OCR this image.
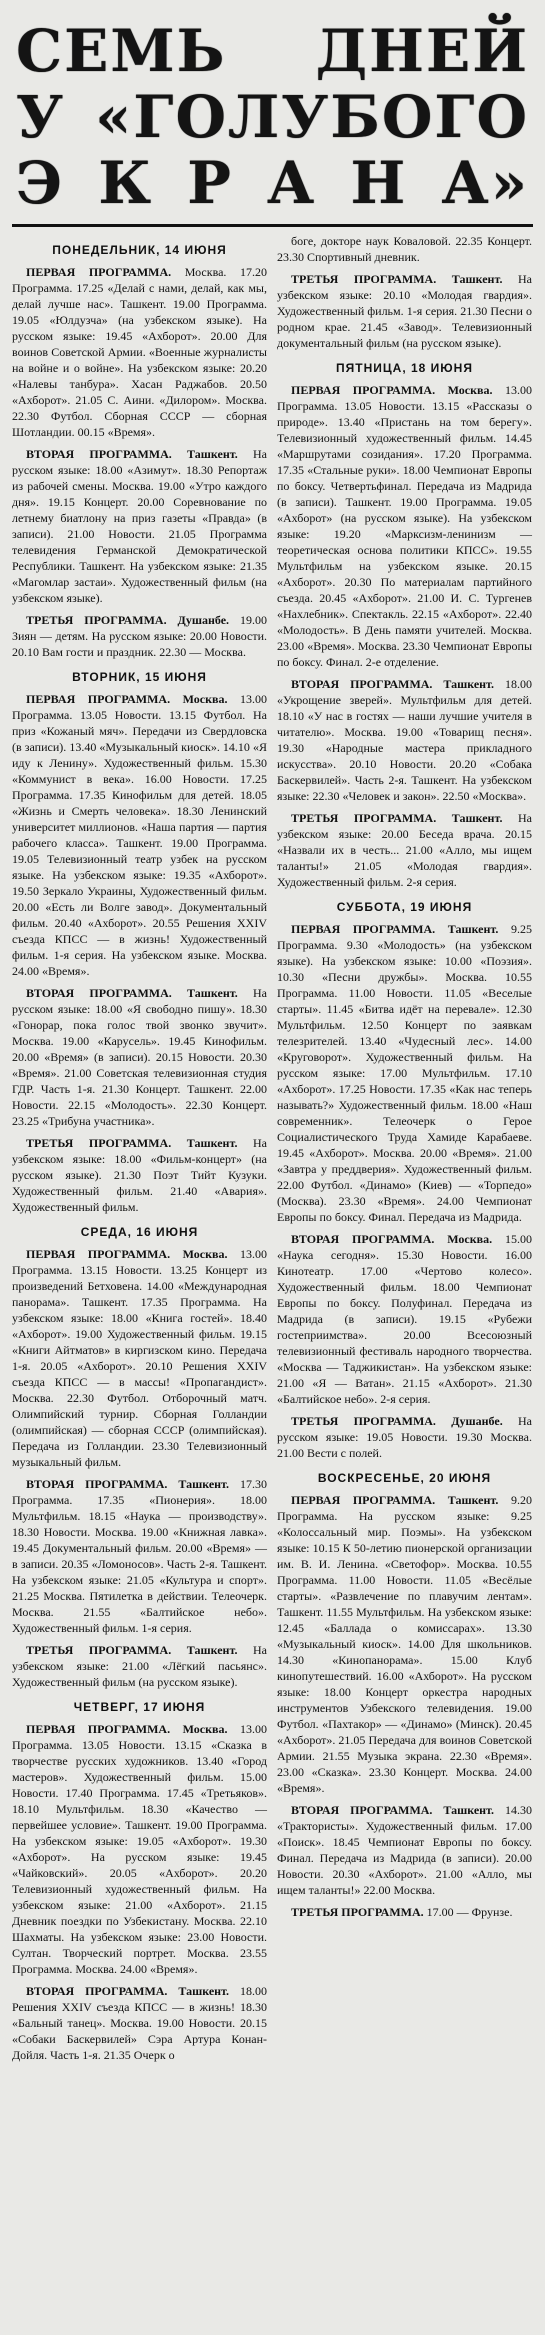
СЕМЬ ДНЕЙ
У «ГОЛУБОГО
Э К Р А Н А»
ПОНЕДЕЛЬНИК, 14 ИЮНЯ

ПЕРВАЯ ПРОГРАММА. Москва. 17.20 Программа. 17.25 «Делай с нами, делай, как мы, делай лучше нас». Ташкент. 19.00 Программа. 19.05 «Юлдузча» (на узбекском языке). На русском языке: 19.45 «Ахборот». 20.00 Для воинов Советской Армии. «Военные журналисты на войне и о войне». На узбекском языке: 20.20 «Налевы танбура». Хасан Раджабов. 20.50 «Ахборот». 21.05 С. Аини. «Дилором». Москва. 22.30 Футбол. Сборная СССР — сборная Шотландии. 00.15 «Время».

ВТОРАЯ ПРОГРАММА. Ташкент. На русском языке: 18.00 «Азимут». 18.30 Репортаж из рабочей смены. Москва. 19.00 «Утро каждого дня». 19.15 Концерт. 20.00 Соревнование по летнему биатлону на приз газеты «Правда» (в записи). 21.00 Новости. 21.05 Программа телевидения Германской Демократической Республики. Ташкент. На узбекском языке: 21.35 «Магомлар застаи». Художественный фильм (на узбекском языке).

ТРЕТЬЯ ПРОГРАММА. Душанбе. 19.00 Зиян — детям. На русском языке: 20.00 Новости. 20.10 Вам гости и праздник. 22.30 — Москва.

ВТОРНИК, 15 ИЮНЯ

ПЕРВАЯ ПРОГРАММА. Москва. 13.00 Программа. 13.05 Новости. 13.15 Футбол. На приз «Кожаный мяч». Передачи из Свердловска (в записи). 13.40 «Музыкальный киоск». 14.10 «Я иду к Ленину». Художественный фильм. 15.30 «Коммунист в века». 16.00 Новости. 17.25 Программа. 17.35 Кинофильм для детей. 18.05 «Жизнь и Смерть человека». 18.30 Ленинский университет миллионов. «Наша партия — партия рабочего класса». Ташкент. 19.00 Программа. 19.05 Телевизионный театр узбек на русском языке. На узбекском языке: 19.35 «Ахборот». 19.50 Зеркало Украины, Художественный фильм. 20.00 «Есть ли Волге завод». Документальный фильм. 20.40 «Ахборот». 20.55 Решения XXIV съезда КПСС — в жизнь! Художественный фильм. 1-я серия. На узбекском языке. Москва. 24.00 «Время».

ВТОРАЯ ПРОГРАММА. Ташкент. На русском языке: 18.00 «Я свободно пишу». 18.30 «Гонорар, пока голос твой звонко звучит». Москва. 19.00 «Карусель». 19.45 Кинофильм. 20.00 «Время» (в записи). 20.15 Новости. 20.30 «Время». 21.00 Советская телевизионная студия ГДР. Часть 1-я. 21.30 Концерт. Ташкент. 22.00 Новости. 22.15 «Молодость». 22.30 Концерт. 23.25 «Трибуна участника».

ТРЕТЬЯ ПРОГРАММА. Ташкент. На узбекском языке: 18.00 «Фильм-концерт» (на русском языке). 21.30 Поэт Тийт Кузуки. Художественный фильм. 21.40 «Авария». Художественный фильм.

СРЕДА, 16 ИЮНЯ

ПЕРВАЯ ПРОГРАММА. Москва. 13.00 Программа. 13.15 Новости. 13.25 Концерт из произведений Бетховена. 14.00 «Международная панорама». Ташкент. 17.35 Программа. На узбекском языке: 18.00 «Книга гостей». 18.40 «Ахборот». 19.00 Художественный фильм. 19.15 «Книги Айтматов» в киргизском кино. Передача 1-я. 20.05 «Ахборот». 20.10 Решения XXIV съезда КПСС — в массы! «Пропагандист». Москва. 22.30 Футбол. Отборочный матч. Олимпийский турнир. Сборная Голландии (олимпийская) — сборная СССР (олимпийская). Передача из Голландии. 23.30 Телевизионный музыкальный фильм.

ВТОРАЯ ПРОГРАММА. Ташкент. 17.30 Программа. 17.35 «Пионерия». 18.00 Мультфильм. 18.15 «Наука — производству». 18.30 Новости. Москва. 19.00 «Книжная лавка». 19.45 Документальный фильм. 20.00 «Время» — в записи. 20.35 «Ломоносов». Часть 2-я. Ташкент. На узбекском языке: 21.05 «Культура и спорт». 21.25 Москва. Пятилетка в действии. Телеочерк. Москва. 21.55 «Балтийское небо». Художественный фильм. 1-я серия.

ТРЕТЬЯ ПРОГРАММА. Ташкент. На узбекском языке: 21.00 «Лёгкий пасьянс». Художественный фильм (на русском языке).

ЧЕТВЕРГ, 17 ИЮНЯ

ПЕРВАЯ ПРОГРАММА. Москва. 13.00 Программа. 13.05 Новости. 13.15 «Сказка в творчестве русских художников. 13.40 «Город мастеров». Художественный фильм. 15.00 Новости. 17.40 Программа. 17.45 «Третьяков». 18.10 Мультфильм. 18.30 «Качество — первейшее условие». Ташкент. 19.00 Программа. На узбекском языке: 19.05 «Ахборот». 19.30 «Ахборот». На русском языке: 19.45 «Чайковский». 20.05 «Ахборот». 20.20 Телевизионный художественный фильм. На узбекском языке: 21.00 «Ахборот». 21.15 Дневник поездки по Узбекистану. Москва. 22.10 Шахматы. На узбекском языке: 23.00 Новости. Султан. Творческий портрет. Москва. 23.55 Программа. Москва. 24.00 «Время».

ВТОРАЯ ПРОГРАММА. Ташкент. 18.00 Решения XXIV съезда КПСС — в жизнь! 18.30 «Бальный танец». Москва. 19.00 Новости. 20.15 «Собаки Баскервилей» Сэра Артура Конан-Дойля. Часть 1-я. 21.35 Очерк о

боге, докторе наук Коваловой. 22.35 Концерт. 23.30 Спортивный дневник.

ТРЕТЬЯ ПРОГРАММА. Ташкент. На узбекском языке: 20.10 «Молодая гвардия». Художественный фильм. 1-я серия. 21.30 Песни о родном крае. 21.45 «Завод». Телевизионный документальный фильм (на русском языке).

ПЯТНИЦА, 18 ИЮНЯ

ПЕРВАЯ ПРОГРАММА. Москва. 13.00 Программа. 13.05 Новости. 13.15 «Рассказы о природе». 13.40 «Пристань на том берегу». Телевизионный художественный фильм. 14.45 «Маршрутами созидания». 17.20 Программа. 17.35 «Стальные руки». 18.00 Чемпионат Европы по боксу. Четвертьфинал. Передача из Мадрида (в записи). Ташкент. 19.00 Программа. 19.05 «Ахборот» (на русском языке). На узбекском языке: 19.20 «Марксизм-ленинизм — теоретическая основа политики КПСС». 19.55 Мультфильм на узбекском языке. 20.15 «Ахборот». 20.30 По материалам партийного съезда. 20.45 «Ахборот». 21.00 И. С. Тургенев «Нахлебник». Спектакль. 22.15 «Ахборот». 22.40 «Молодость». В День памяти учителей. Москва. 23.00 «Время». Москва. 23.30 Чемпионат Европы по боксу. Финал. 2-е отделение.

ВТОРАЯ ПРОГРАММА. Ташкент. 18.00 «Укрощение зверей». Мультфильм для детей. 18.10 «У нас в гостях — наши лучшие учителя в читателю». Москва. 19.00 «Товарищ песня». 19.30 «Народные мастера прикладного искусства». 20.10 Новости. 20.20 «Собака Баскервилей». Часть 2-я. Ташкент. На узбекском языке: 22.30 «Человек и закон». 22.50 «Москва».

ТРЕТЬЯ ПРОГРАММА. Ташкент. На узбекском языке: 20.00 Беседа врача. 20.15 «Назвали их в честь... 21.00 «Алло, мы ищем таланты!» 21.05 «Молодая гвардия». Художественный фильм. 2-я серия.

СУББОТА, 19 ИЮНЯ

ПЕРВАЯ ПРОГРАММА. Ташкент. 9.25 Программа. 9.30 «Молодость» (на узбекском языке). На узбекском языке: 10.00 «Поэзия». 10.30 «Песни дружбы». Москва. 10.55 Программа. 11.00 Новости. 11.05 «Веселые старты». 11.45 «Битва идёт на перевале». 12.30 Мультфильм. 12.50 Концерт по заявкам телезрителей. 13.40 «Чудесный лес». 14.00 «Круговорот». Художественный фильм. На русском языке: 17.00 Мультфильм. 17.10 «Ахборот». 17.25 Новости. 17.35 «Как нас теперь называть?» Художественный фильм. 18.00 «Наш современник». Телеочерк о Герое Социалистического Труда Хамиде Карабаеве. 19.45 «Ахборот». Москва. 20.00 «Время». 21.00 «Завтра у преддверия». Художественный фильм. 22.00 Футбол. «Динамо» (Киев) — «Торпедо» (Москва). 23.30 «Время». 24.00 Чемпионат Европы по боксу. Финал. Передача из Мадрида.

ВТОРАЯ ПРОГРАММА. Москва. 15.00 «Наука сегодня». 15.30 Новости. 16.00 Кинотеатр. 17.00 «Чертово колесо». Художественный фильм. 18.00 Чемпионат Европы по боксу. Полуфинал. Передача из Мадрида (в записи). 19.15 «Рубежи гостеприимства». 20.00 Всесоюзный телевизионный фестиваль народного творчества. «Москва — Таджикистан». На узбекском языке: 21.00 «Я — Ватан». 21.15 «Ахборот». 21.30 «Балтийское небо». 2-я серия.

ТРЕТЬЯ ПРОГРАММА. Душанбе. На русском языке: 19.05 Новости. 19.30 Москва. 21.00 Вести с полей.

ВОСКРЕСЕНЬЕ, 20 ИЮНЯ

ПЕРВАЯ ПРОГРАММА. Ташкент. 9.20 Программа. На русском языке: 9.25 «Колоссальный мир. Поэмы». На узбекском языке: 10.15 К 50-летию пионерской организации им. В. И. Ленина. «Светофор». Москва. 10.55 Программа. 11.00 Новости. 11.05 «Весёлые старты». «Развлечение по плавучим лентам». Ташкент. 11.55 Мультфильм. На узбекском языке: 12.45 «Баллада о комиссарах». 13.30 «Музыкальный киоск». 14.00 Для школьников. 14.30 «Кинопанорама». 15.00 Клуб кинопутешествий. 16.00 «Ахборот». На русском языке: 18.00 Концерт оркестра народных инструментов Узбекского телевидения. 19.00 Футбол. «Пахтакор» — «Динамо» (Минск). 20.45 «Ахборот». 21.05 Передача для воинов Советской Армии. 21.55 Музыка экрана. 22.30 «Время». 23.00 «Сказка». 23.30 Концерт. Москва. 24.00 «Время».

ВТОРАЯ ПРОГРАММА. Ташкент. 14.30 «Трактористы». Художественный фильм. 17.00 «Поиск». 18.45 Чемпионат Европы по боксу. Финал. Передача из Мадрида (в записи). 20.00 Новости. 20.30 «Ахборот». 21.00 «Алло, мы ищем таланты!» 22.00 Москва.

ТРЕТЬЯ ПРОГРАММА. 17.00 — Фрунзе.
